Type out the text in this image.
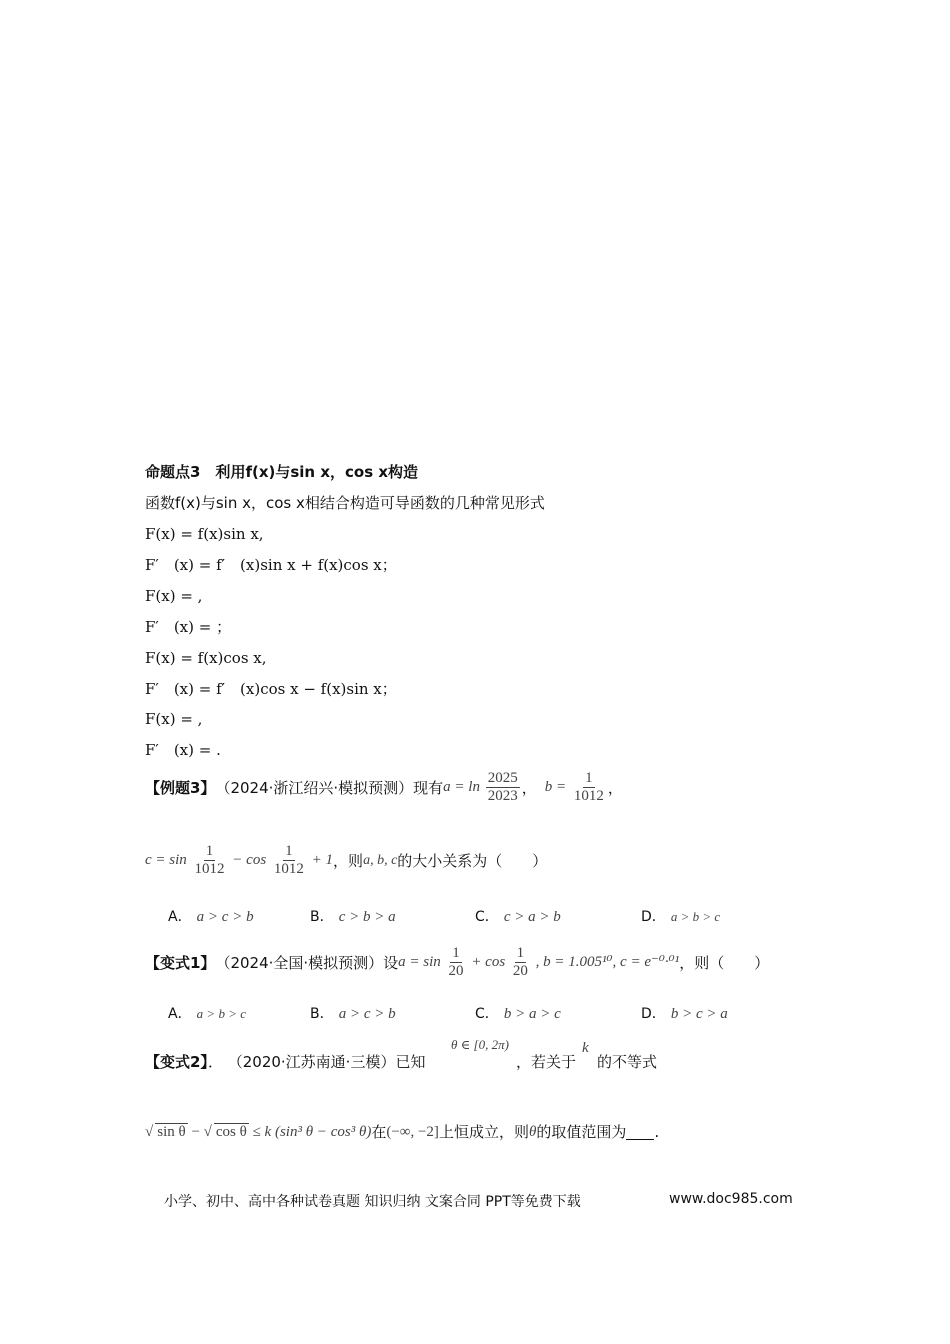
命题点3　利用f(x)与sin x，cos x构造
函数f(x)与sin x，cos x相结合构造可导函数的几种常见形式
F(x) = f(x)sin x,
F′　(x) = f′　(x)sin x + f(x)cos x；
F(x) = ,
F′　(x) = ；
F(x) = f(x)cos x,
F′　(x) = f′　(x)cos x − f(x)sin x；
F(x) = ,
F′　(x) = .
【例题3】 （2024·浙江绍兴·模拟预测）现有 $a = \ln \frac{2025}{2023}$ ， $b = \frac{1}{1012}$ ，
$c = \sin \frac{1}{1012} - \cos \frac{1}{1012} + 1$ ，则 a, b, c 的大小关系为（　　）
A． a > c > b	B． c > b > a	C． c > a > b	D． a > b > c
【变式1】 （2024·全国·模拟预测）设 $a = \sin \frac{1}{20} + \cos \frac{1}{20}$ , b = 1.005¹⁰, c = e⁻⁰·⁰¹ ，则（　　）
A． a > b > c	B． a > c > b	C． b > a > c	D． b > c > a
【变式2】． （2020·江苏南通·三模）已知
θ ∈ [0, 2π)
，若关于
k
的不等式
√ sin θ − √ cos θ ≤ k (sin³ θ − cos³ θ) 在 (−∞, −2] 上恒成立，则 θ 的取值范围为 .
小学、初中、高中各种试卷真题 知识归纳 文案合同 PPT等免费下载	www.doc985.com
